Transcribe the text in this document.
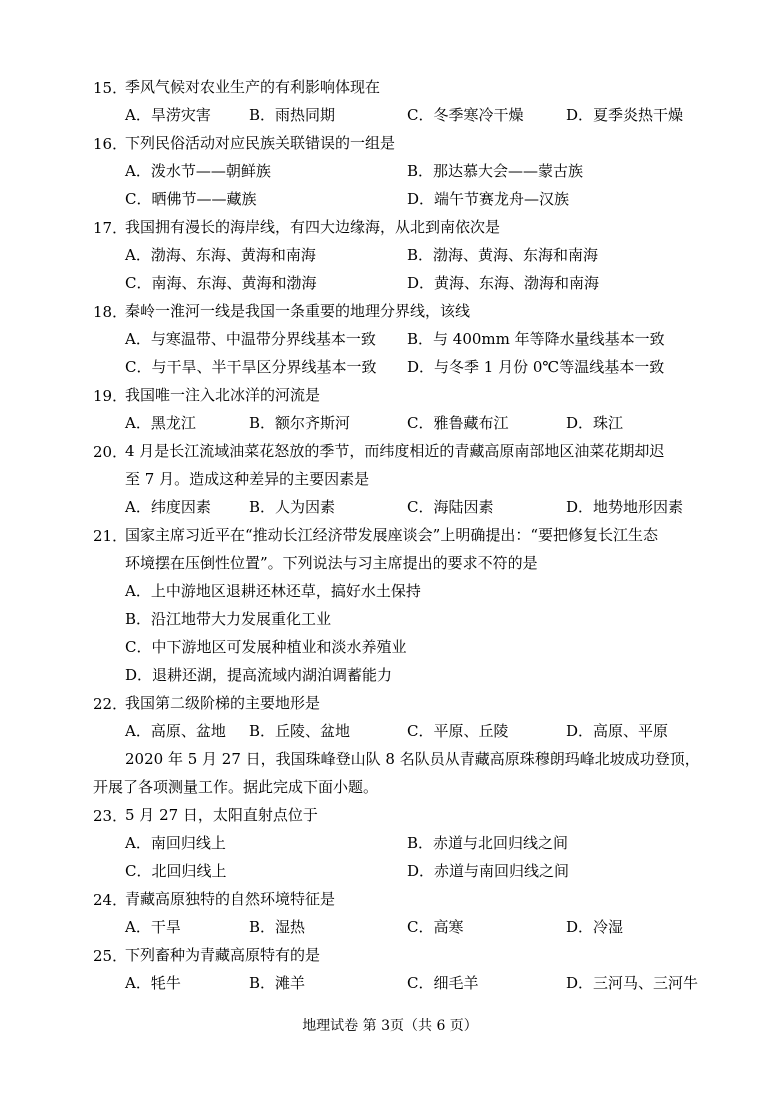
15．
季风气候对农业生产的有利影响体现在
A．旱涝灾害	B．雨热同期	C．冬季寒冷干燥	D．夏季炎热干燥
16．
下列民俗活动对应民族关联错误的一组是
A．泼水节——朝鲜族	B．那达慕大会——蒙古族
C．晒佛节——藏族	D．端午节赛龙舟—汉族
17．
我国拥有漫长的海岸线，有四大边缘海，从北到南依次是
A．渤海、东海、黄海和南海	B．渤海、黄海、东海和南海
C．南海、东海、黄海和渤海	D．黄海、东海、渤海和南海
18．
秦岭一淮河一线是我国一条重要的地理分界线，该线
A．与寒温带、中温带分界线基本一致 B．与 400mm 年等降水量线基本一致
C．与干旱、半干旱区分界线基本一致 D．与冬季 1 月份 0℃等温线基本一致
19．
我国唯一注入北冰洋的河流是
A．黑龙江	B．额尔齐斯河	C．雅鲁藏布江	D．珠江
20．
4 月是长江流域油菜花怒放的季节，而纬度相近的青藏高原南部地区油菜花期却迟
至 7 月。造成这种差异的主要因素是
A．纬度因素	B．人为因素	C．海陆因素	D．地势地形因素
21．
国家主席习近平在“推动长江经济带发展座谈会”上明确提出：“要把修复长江生态
环境摆在压倒性位置”。下列说法与习主席提出的要求不符的是
A．上中游地区退耕还林还草，搞好水土保持
B．沿江地带大力发展重化工业
C．中下游地区可发展种植业和淡水养殖业
D．退耕还湖，提高流域内湖泊调蓄能力
22．
我国第二级阶梯的主要地形是
A．高原、盆地 B．丘陵、盆地	C．平原、丘陵	D．高原、平原
2020 年 5 月 27 日，我国珠峰登山队 8 名队员从青藏高原珠穆朗玛峰北坡成功登顶，
开展了各项测量工作。据此完成下面小题。
23．
5 月 27 日，太阳直射点位于
A．南回归线上	B．赤道与北回归线之间
C．北回归线上	D．赤道与南回归线之间
24．
青藏高原独特的自然环境特征是
A．干旱	B．湿热	C．高寒	D．冷湿
25．
下列畜种为青藏高原特有的是
A．牦牛	B．滩羊	C．细毛羊	D．三河马、三河牛
地理试卷 第 3页（共 6 页）
